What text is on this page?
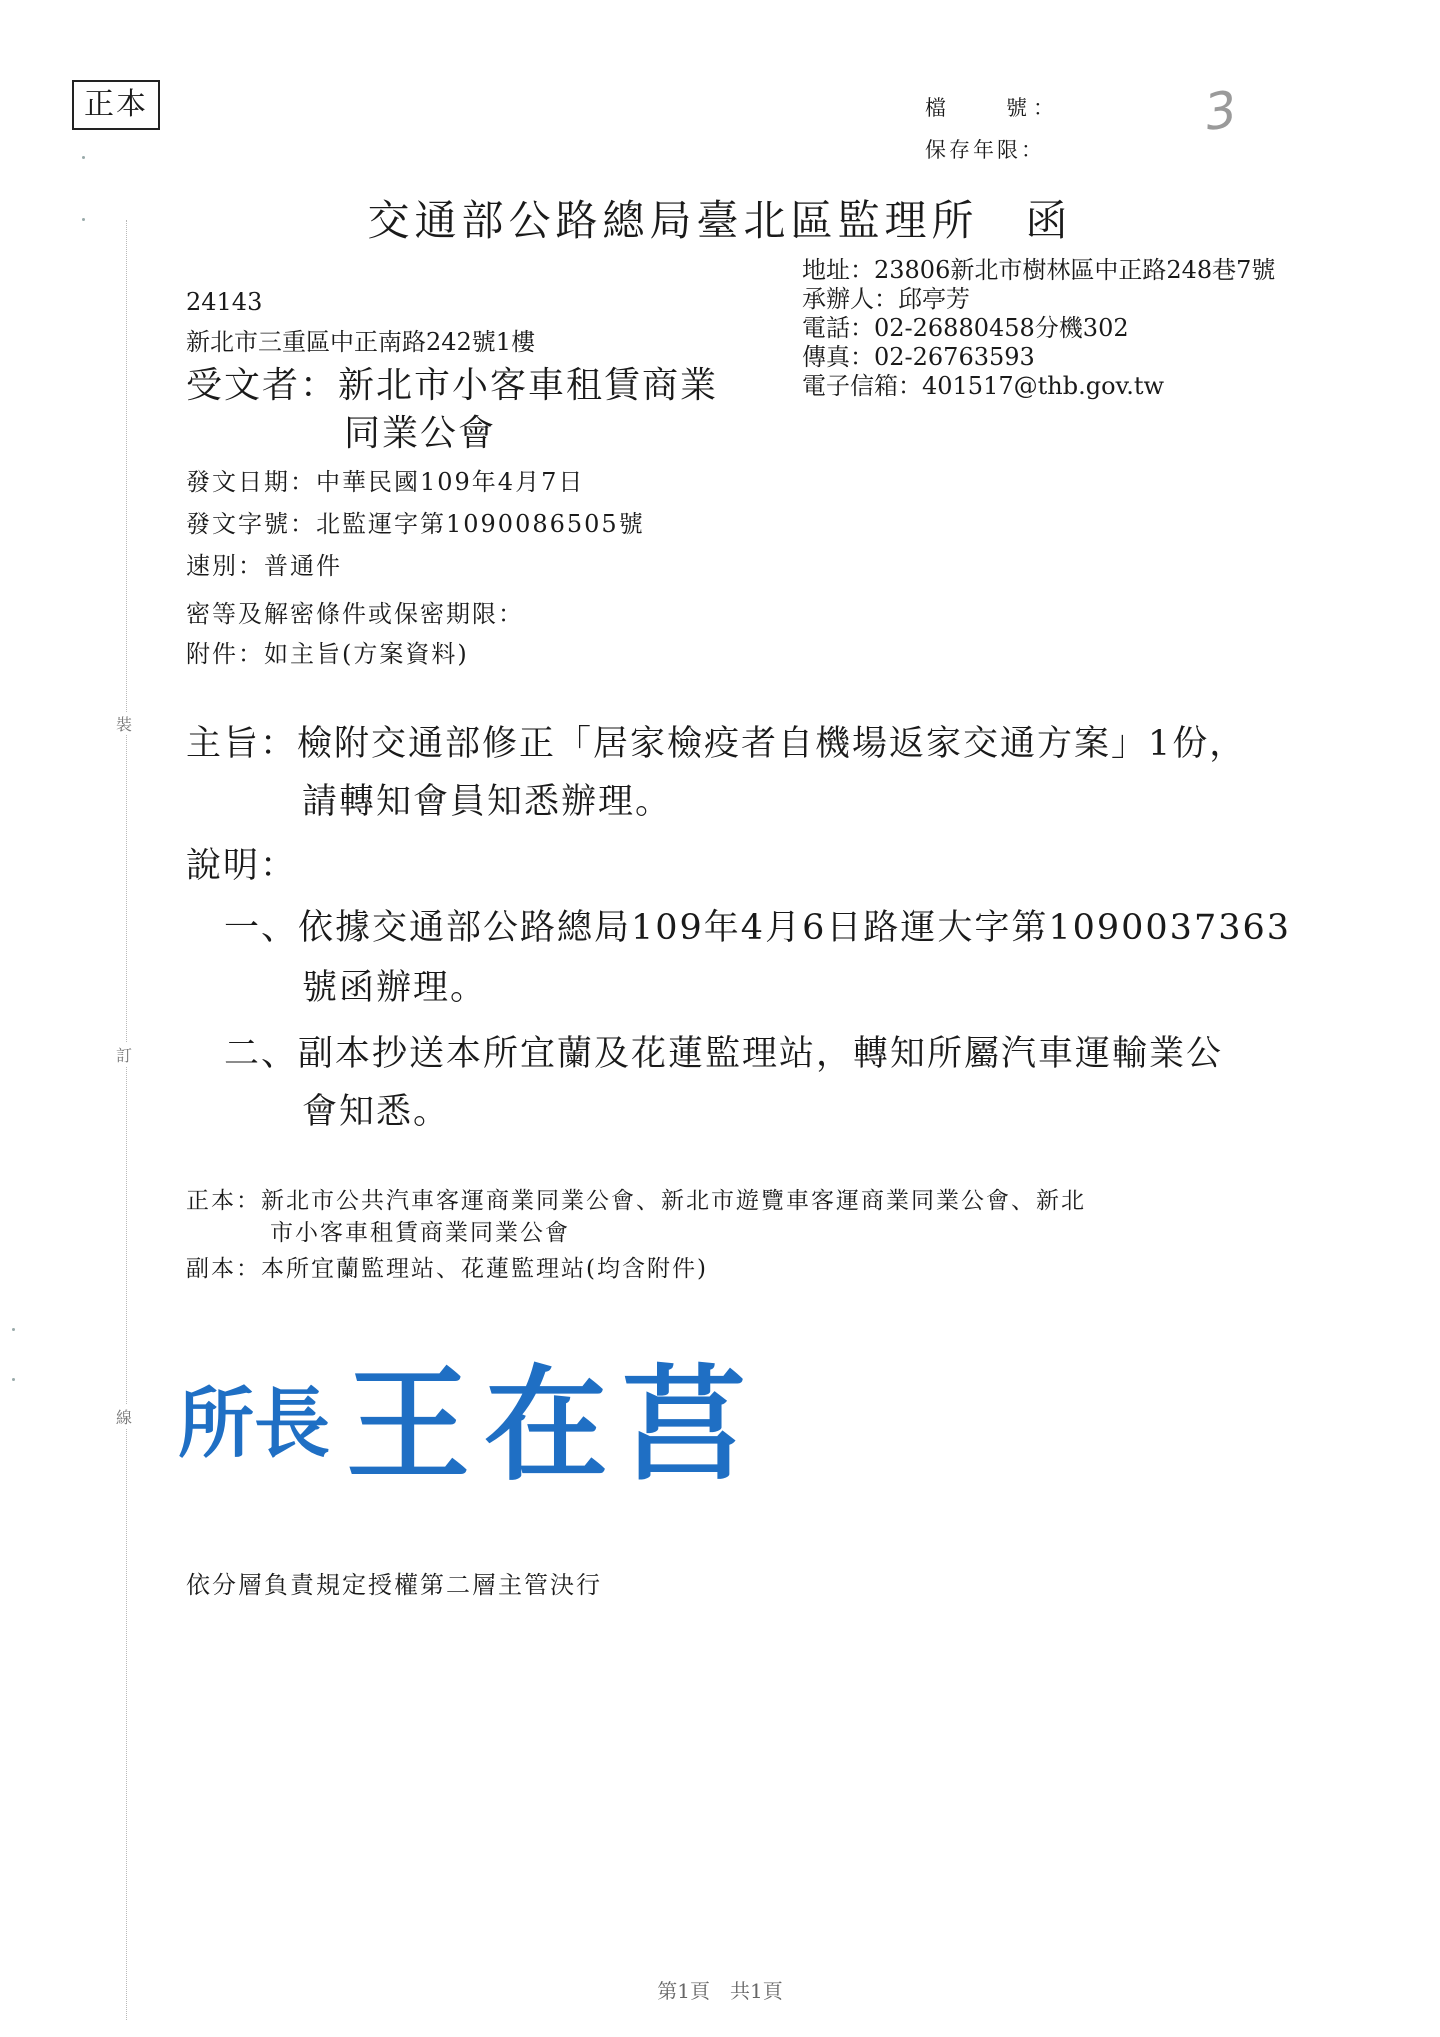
正本	檔　　號：
保存年限：
3
裝
訂
線
交通部公路總局臺北區監理所　函
地址：23806新北市樹林區中正路248巷7號
承辦人：邱亭芳
電話：02-26880458分機302
傳真：02-26763593
電子信箱：401517@thb.gov.tw
24143
新北市三重區中正南路242號1樓
受文者：新北市小客車租賃商業
同業公會
發文日期：中華民國109年4月7日
發文字號：北監運字第1090086505號
速別：普通件
密等及解密條件或保密期限：
附件：如主旨(方案資料)
主旨：檢附交通部修正「居家檢疫者自機場返家交通方案」1份，
請轉知會員知悉辦理。
說明：
一、依據交通部公路總局109年4月6日路運大字第1090037363
號函辦理。
二、副本抄送本所宜蘭及花蓮監理站，轉知所屬汽車運輸業公
會知悉。
正本：新北市公共汽車客運商業同業公會、新北市遊覽車客運商業同業公會、新北
市小客車租賃商業同業公會
副本：本所宜蘭監理站、花蓮監理站(均含附件)
所長 王在莒
依分層負責規定授權第二層主管決行
第1頁　共1頁
